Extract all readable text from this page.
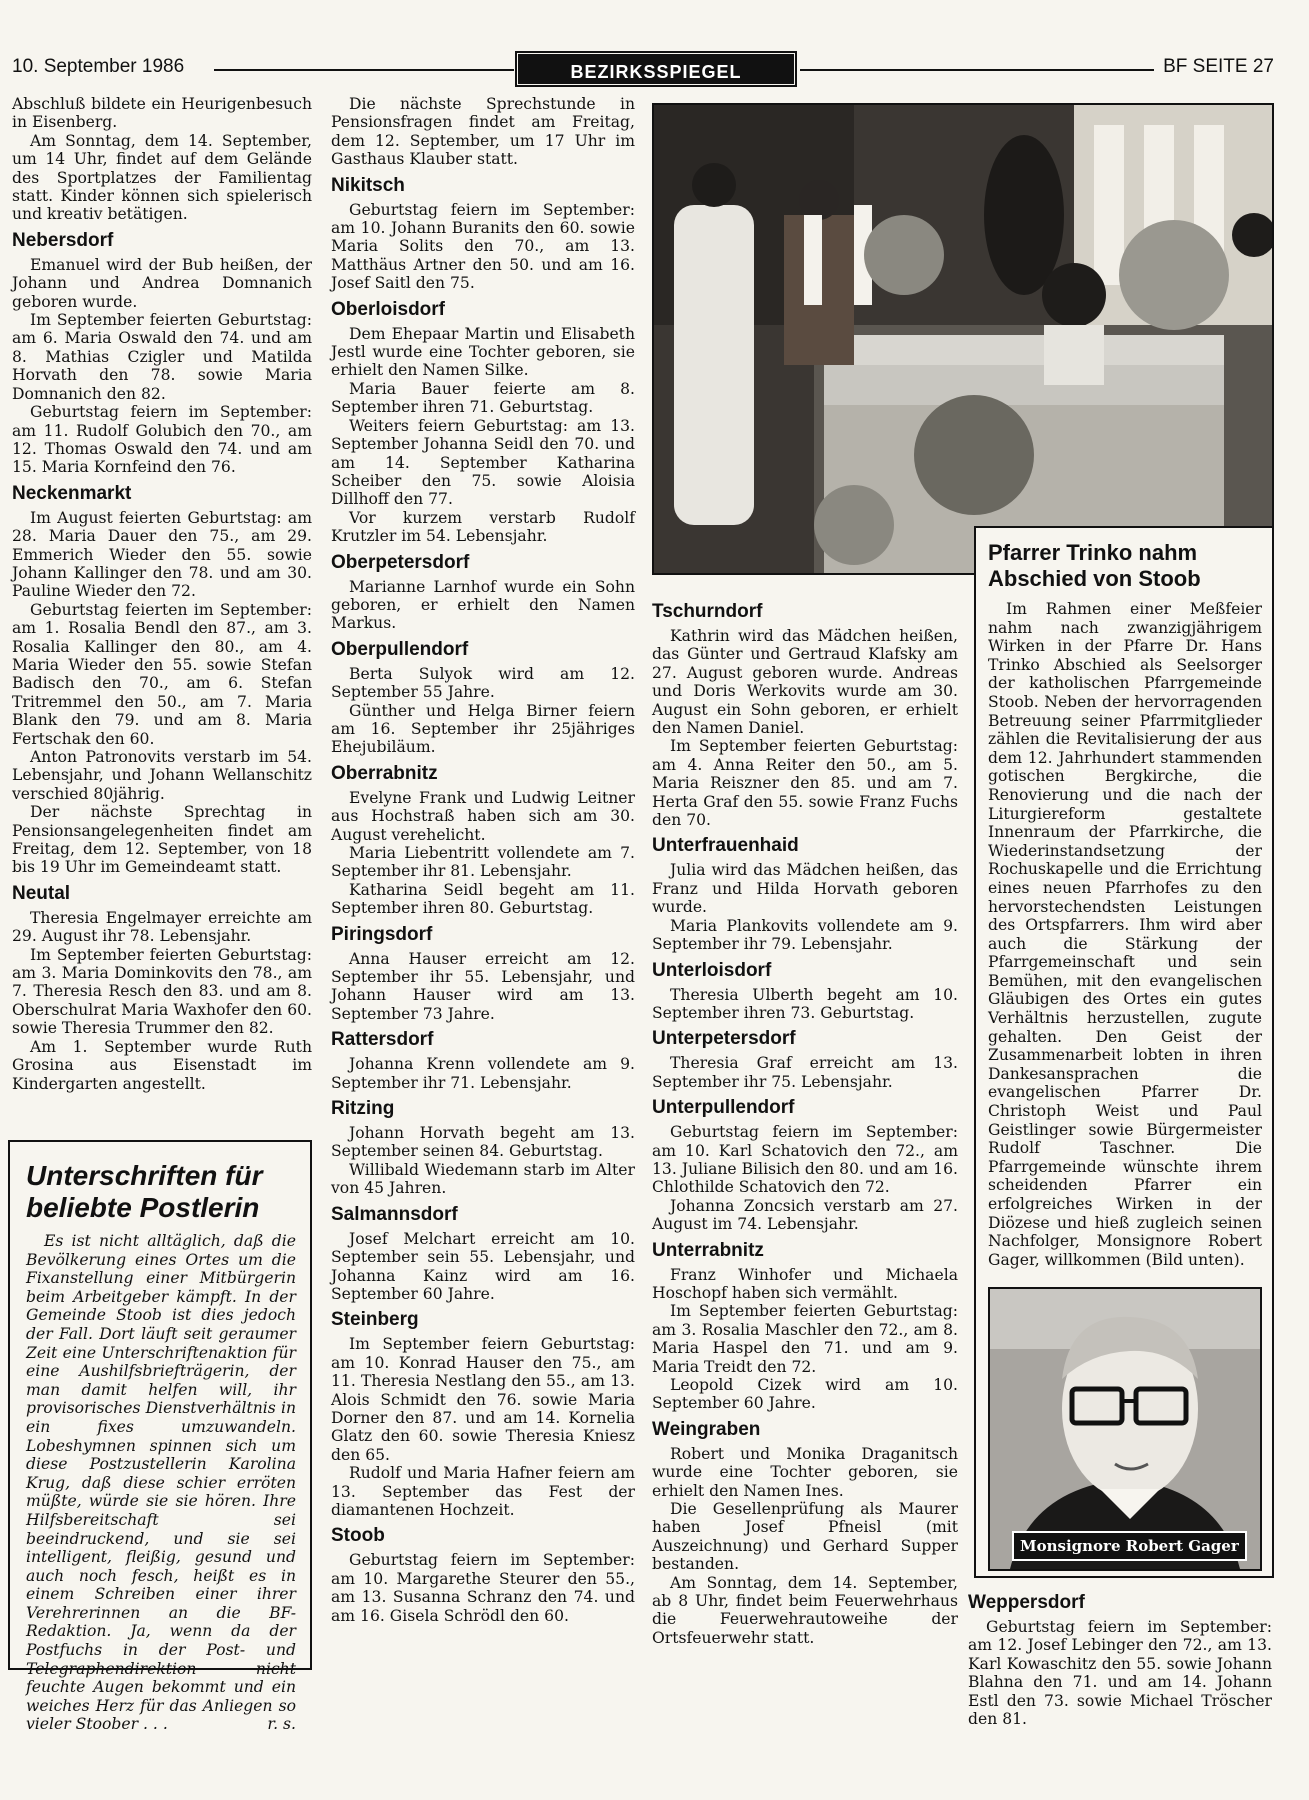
10. September 1986	BEZIRKSSPIEGEL	BF SEITE 27

Abschluß bildete ein Heurigenbesuch in Eisenberg.

Am Sonntag, dem 14. September, um 14 Uhr, findet auf dem Gelände des Sportplatzes der Familientag statt. Kinder können sich spielerisch und kreativ betätigen.

Nebersdorf

Emanuel wird der Bub heißen, der Johann und Andrea Domnanich geboren wurde.

Im September feierten Geburtstag: am 6. Maria Oswald den 74. und am 8. Mathias Czigler und Matilda Horvath den 78. sowie Maria Domnanich den 82.

Geburtstag feiern im September: am 11. Rudolf Golubich den 70., am 12. Thomas Oswald den 74. und am 15. Maria Kornfeind den 76.

Neckenmarkt

Im August feierten Geburtstag: am 28. Maria Dauer den 75., am 29. Emmerich Wieder den 55. sowie Johann Kallinger den 78. und am 30. Pauline Wieder den 72.

Geburtstag feierten im September: am 1. Rosalia Bendl den 87., am 3. Rosalia Kallinger den 80., am 4. Maria Wieder den 55. sowie Stefan Badisch den 70., am 6. Stefan Tritremmel den 50., am 7. Maria Blank den 79. und am 8. Maria Fertschak den 60.

Anton Patronovits verstarb im 54. Lebensjahr, und Johann Wellanschitz verschied 80jährig.

Der nächste Sprechtag in Pensionsangelegenheiten findet am Freitag, dem 12. September, von 18 bis 19 Uhr im Gemeindeamt statt.

Neutal

Theresia Engelmayer erreichte am 29. August ihr 78. Lebensjahr.

Im September feierten Geburtstag: am 3. Maria Dominkovits den 78., am 7. Theresia Resch den 83. und am 8. Oberschulrat Maria Waxhofer den 60. sowie Theresia Trummer den 82.

Am 1. September wurde Ruth Grosina aus Eisenstadt im Kindergarten angestellt.

Unterschriften für beliebte Postlerin

Es ist nicht alltäglich, daß die Bevölkerung eines Ortes um die Fixanstellung einer Mitbürgerin beim Arbeitgeber kämpft. In der Gemeinde Stoob ist dies jedoch der Fall. Dort läuft seit geraumer Zeit eine Unterschriftenaktion für eine Aushilfsbriefträgerin, der man damit helfen will, ihr provisorisches Dienstverhältnis in ein fixes umzuwandeln. Lobeshymnen spinnen sich um diese Postzustellerin Karolina Krug, daß diese schier erröten müßte, würde sie sie hören. Ihre Hilfsbereitschaft sei beeindruckend, und sie sei intelligent, fleißig, gesund und auch noch fesch, heißt es in einem Schreiben einer ihrer Verehrerinnen an die BF-Redaktion. Ja, wenn da der Postfuchs in der Post- und Telegraphendirektion nicht feuchte Augen bekommt und ein weiches Herz für das Anliegen so vieler Stoober . . .	r. s.

Die nächste Sprechstunde in Pensionsfragen findet am Freitag, dem 12. September, um 17 Uhr im Gasthaus Klauber statt.

Nikitsch

Geburtstag feiern im September: am 10. Johann Buranits den 60. sowie Maria Solits den 70., am 13. Matthäus Artner den 50. und am 16. Josef Saitl den 75.

Oberloisdorf

Dem Ehepaar Martin und Elisabeth Jestl wurde eine Tochter geboren, sie erhielt den Namen Silke.

Maria Bauer feierte am 8. September ihren 71. Geburtstag.

Weiters feiern Geburtstag: am 13. September Johanna Seidl den 70. und am 14. September Katharina Scheiber den 75. sowie Aloisia Dillhoff den 77.

Vor kurzem verstarb Rudolf Krutzler im 54. Lebensjahr.

Oberpetersdorf

Marianne Larnhof wurde ein Sohn geboren, er erhielt den Namen Markus.

Oberpullendorf

Berta Sulyok wird am 12. September 55 Jahre.

Günther und Helga Birner feiern am 16. September ihr 25jähriges Ehejubiläum.

Oberrabnitz

Evelyne Frank und Ludwig Leitner aus Hochstraß haben sich am 30. August verehelicht.

Maria Liebentritt vollendete am 7. September ihr 81. Lebensjahr.

Katharina Seidl begeht am 11. September ihren 80. Geburtstag.

Piringsdorf

Anna Hauser erreicht am 12. September ihr 55. Lebensjahr, und Johann Hauser wird am 13. September 73 Jahre.

Rattersdorf

Johanna Krenn vollendete am 9. September ihr 71. Lebensjahr.

Ritzing

Johann Horvath begeht am 13. September seinen 84. Geburtstag.

Willibald Wiedemann starb im Alter von 45 Jahren.

Salmannsdorf

Josef Melchart erreicht am 10. September sein 55. Lebensjahr, und Johanna Kainz wird am 16. September 60 Jahre.

Steinberg

Im September feiern Geburtstag: am 10. Konrad Hauser den 75., am 11. Theresia Nestlang den 55., am 13. Alois Schmidt den 76. sowie Maria Dorner den 87. und am 14. Kornelia Glatz den 60. sowie Theresia Kniesz den 65.

Rudolf und Maria Hafner feiern am 13. September das Fest der diamantenen Hochzeit.

Stoob

Geburtstag feiern im September: am 10. Margarethe Steurer den 55., am 13. Susanna Schranz den 74. und am 16. Gisela Schrödl den 60.

Tschurndorf

Kathrin wird das Mädchen heißen, das Günter und Gertraud Klafsky am 27. August geboren wurde. Andreas und Doris Werkovits wurde am 30. August ein Sohn geboren, er erhielt den Namen Daniel.

Im September feierten Geburtstag: am 4. Anna Reiter den 50., am 5. Maria Reiszner den 85. und am 7. Herta Graf den 55. sowie Franz Fuchs den 70.

Unterfrauenhaid

Julia wird das Mädchen heißen, das Franz und Hilda Horvath geboren wurde.

Maria Plankovits vollendete am 9. September ihr 79. Lebensjahr.

Unterloisdorf

Theresia Ulberth begeht am 10. September ihren 73. Geburtstag.

Unterpetersdorf

Theresia Graf erreicht am 13. September ihr 75. Lebensjahr.

Unterpullendorf

Geburtstag feiern im September: am 10. Karl Schatovich den 72., am 13. Juliane Bilisich den 80. und am 16. Chlothilde Schatovich den 72.

Johanna Zoncsich verstarb am 27. August im 74. Lebensjahr.

Unterrabnitz

Franz Winhofer und Michaela Hoschopf haben sich vermählt.

Im September feierten Geburtstag: am 3. Rosalia Maschler den 72., am 8. Maria Haspel den 71. und am 9. Maria Treidt den 72.

Leopold Cizek wird am 10. September 60 Jahre.

Weingraben

Robert und Monika Draganitsch wurde eine Tochter geboren, sie erhielt den Namen Ines.

Die Gesellenprüfung als Maurer haben Josef Pfneisl (mit Auszeichnung) und Gerhard Supper bestanden.

Am Sonntag, dem 14. September, ab 8 Uhr, findet beim Feuerwehrhaus die Feuerwehrautoweihe der Ortsfeuerwehr statt.

Pfarrer Trinko nahm Abschied von Stoob

Im Rahmen einer Meßfeier nahm nach zwanzigjährigem Wirken in der Pfarre Dr. Hans Trinko Abschied als Seelsorger der katholischen Pfarrgemeinde Stoob. Neben der hervorragenden Betreuung seiner Pfarrmitglieder zählen die Revitalisierung der aus dem 12. Jahrhundert stammenden gotischen Bergkirche, die Renovierung und die nach der Liturgiereform gestaltete Innenraum der Pfarrkirche, die Wiederinstandsetzung der Rochuskapelle und die Errichtung eines neuen Pfarrhofes zu den hervorstechendsten Leistungen des Ortspfarrers. Ihm wird aber auch die Stärkung der Pfarrgemeinschaft und sein Bemühen, mit den evangelischen Gläubigen des Ortes ein gutes Verhältnis herzustellen, zugute gehalten. Den Geist der Zusammenarbeit lobten in ihren Dankesansprachen die evangelischen Pfarrer Dr. Christoph Weist und Paul Geistlinger sowie Bürgermeister Rudolf Taschner. Die Pfarrgemeinde wünschte ihrem scheidenden Pfarrer ein erfolgreiches Wirken in der Diözese und hieß zugleich seinen Nachfolger, Monsignore Robert Gager, willkommen (Bild unten).

Monsignore Robert Gager
Weppersdorf

Geburtstag feiern im September: am 12. Josef Lebinger den 72., am 13. Karl Kowaschitz den 55. sowie Johann Blahna den 71. und am 14. Johann Estl den 73. sowie Michael Tröscher den 81.
